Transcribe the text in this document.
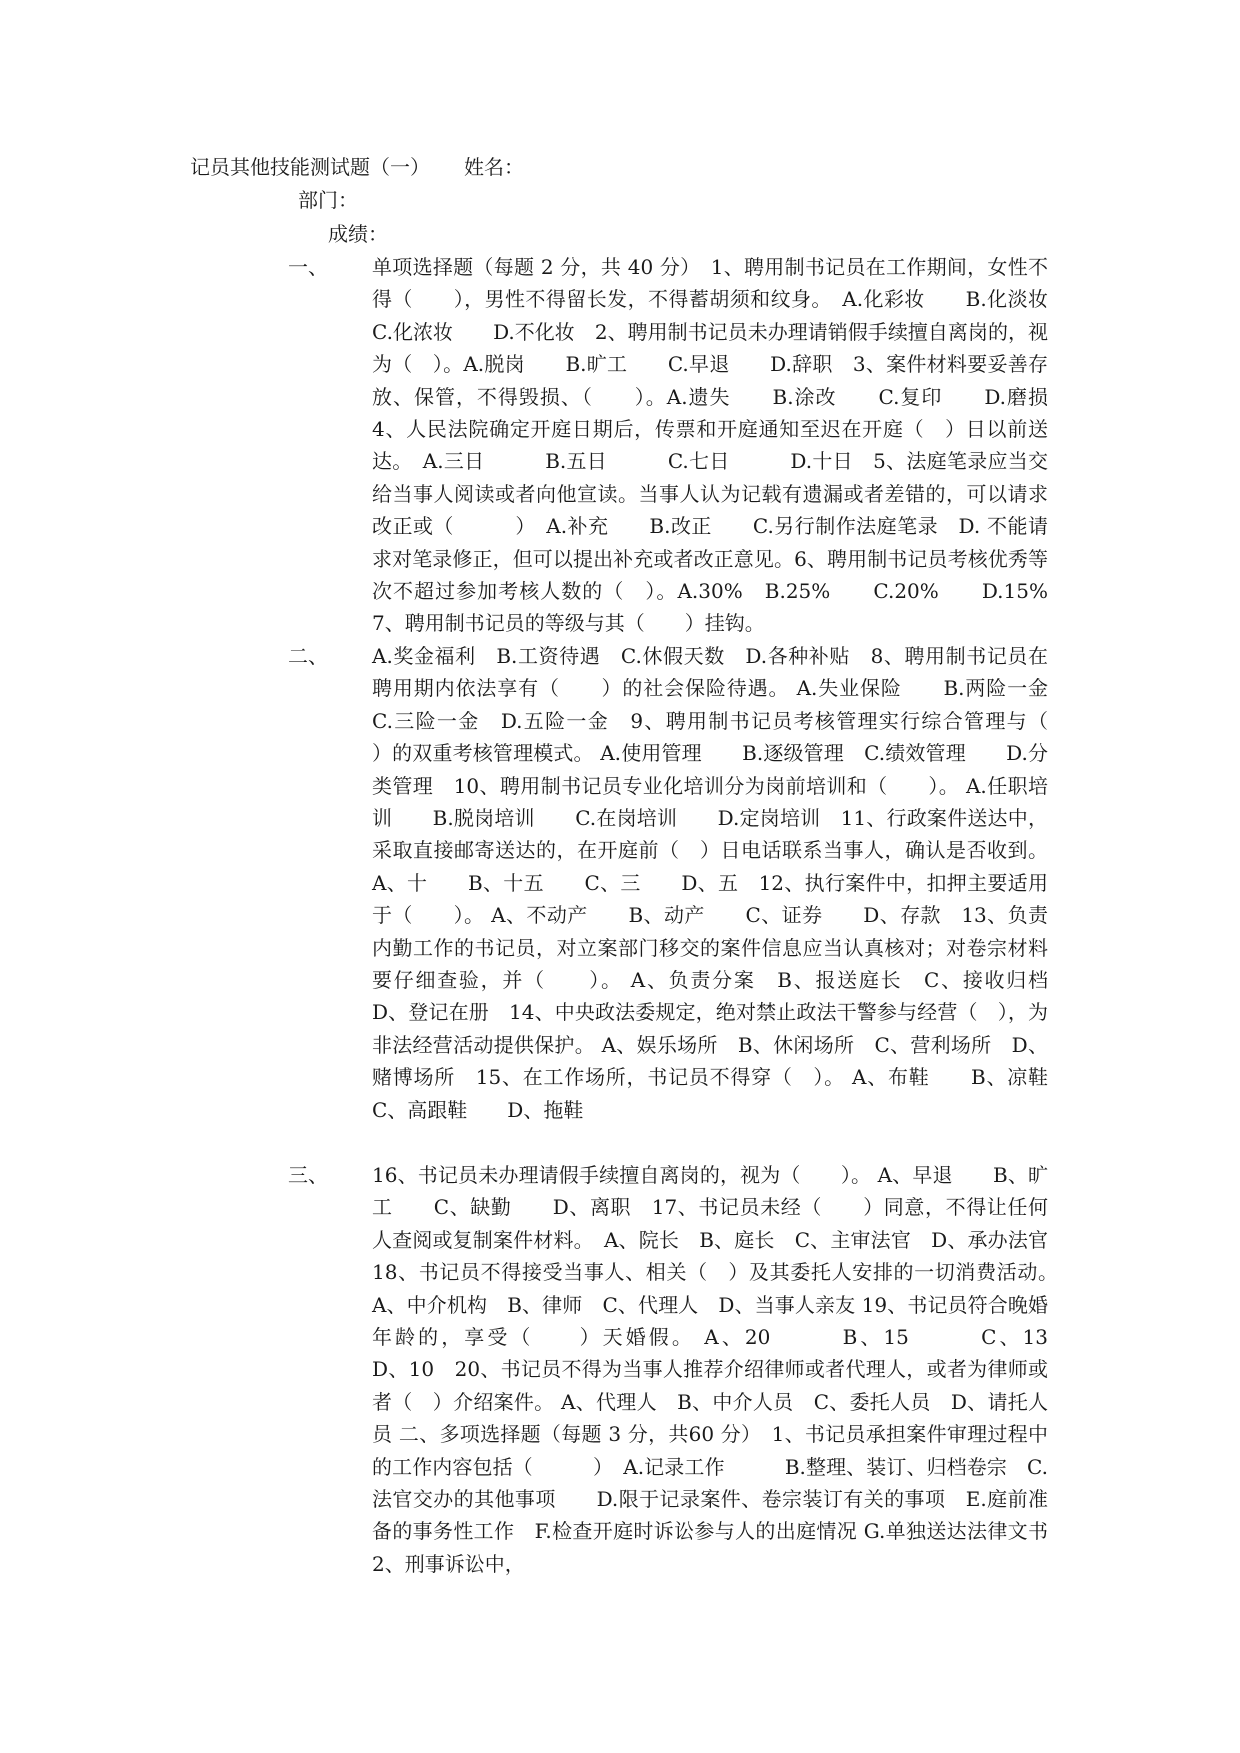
记员其他技能测试题（一） 姓名：
部门：
成绩：
一、	单项选择题（每题 2 分，共 40 分）　1、聘用制书记员在工作期间，女性不得（　　），男性不得留长发，不得蓄胡须和纹身。　A.化彩妆　　B.化淡妆　　C.化浓妆　　D.不化妆　2、聘用制书记员未办理请销假手续擅自离岗的，视为（　）。A.脱岗　　B.旷工　　C.早退　　D.辞职　3、案件材料要妥善存放、保管，不得毁损、（　　）。A.遗失　　B.涂改　　C.复印　　D.磨损　4、人民法院确定开庭日期后，传票和开庭通知至迟在开庭（　）日以前送达。　A.三日　　　B.五日　　　C.七日　　　D.十日　5、法庭笔录应当交给当事人阅读或者向他宣读。当事人认为记载有遗漏或者差错的，可以请求改正或（　　　）　A.补充　　B.改正　　C.另行制作法庭笔录　D. 不能请求对笔录修正，但可以提出补充或者改正意见。6、聘用制书记员考核优秀等次不超过参加考核人数的（　）。A.30%　B.25%　　C.20%　　D.15% 7、聘用制书记员的等级与其（　　）挂钩。
二、	A.奖金福利　B.工资待遇　C.休假天数　D.各种补贴　8、聘用制书记员在聘用期内依法享有（　　）的社会保险待遇。 A.失业保险　　B.两险一金　C.三险一金　D.五险一金　9、聘用制书记员考核管理实行综合管理与（　　）的双重考核管理模式。 A.使用管理　　B.逐级管理　C.绩效管理　　D.分类管理　10、聘用制书记员专业化培训分为岗前培训和（　　）。 A.任职培训　　B.脱岗培训　　C.在岗培训　　D.定岗培训　11、行政案件送达中，采取直接邮寄送达的，在开庭前（　）日电话联系当事人，确认是否收到。 A、十　　B、十五　　C、三　　D、五　12、执行案件中，扣押主要适用于（　　）。 A、不动产　　B、动产　　C、证券　　D、存款　13、负责内勤工作的书记员，对立案部门移交的案件信息应当认真核对；对卷宗材料要仔细查验，并（　　）。 A、负责分案　B、报送庭长　C、接收归档　D、登记在册　14、中央政法委规定，绝对禁止政法干警参与经营（　），为非法经营活动提供保护。 A、娱乐场所　B、休闲场所　C、营利场所　D、赌博场所　15、在工作场所，书记员不得穿（　）。 A、布鞋　　B、凉鞋　　C、高跟鞋　　D、拖鞋
三、	16、书记员未办理请假手续擅自离岗的，视为（　　）。 A、早退　　B、旷工　　C、缺勤　　D、离职　17、书记员未经（　　）同意，不得让任何人查阅或复制案件材料。　A、院长　B、庭长　C、主审法官　D、承办法官　18、书记员不得接受当事人、相关（　）及其委托人安排的一切消费活动。　A、中介机构　B、律师　C、代理人　D、当事人亲友 19、书记员符合晚婚年龄的，享受（　　）天婚假。 A、20　　　B、15　　　C、13　　　D、10　20、书记员不得为当事人推荐介绍律师或者代理人，或者为律师或者（　）介绍案件。 A、代理人　B、中介人员　C、委托人员　D、请托人员 二、多项选择题（每题 3 分，共60 分）　1、书记员承担案件审理过程中的工作内容包括（　　　）　A.记录工作　　　B.整理、装订、归档卷宗　C.法官交办的其他事项　　D.限于记录案件、卷宗装订有关的事项　E.庭前准备的事务性工作　F.检查开庭时诉讼参与人的出庭情况 G.单独送达法律文书　2、刑事诉讼中，
